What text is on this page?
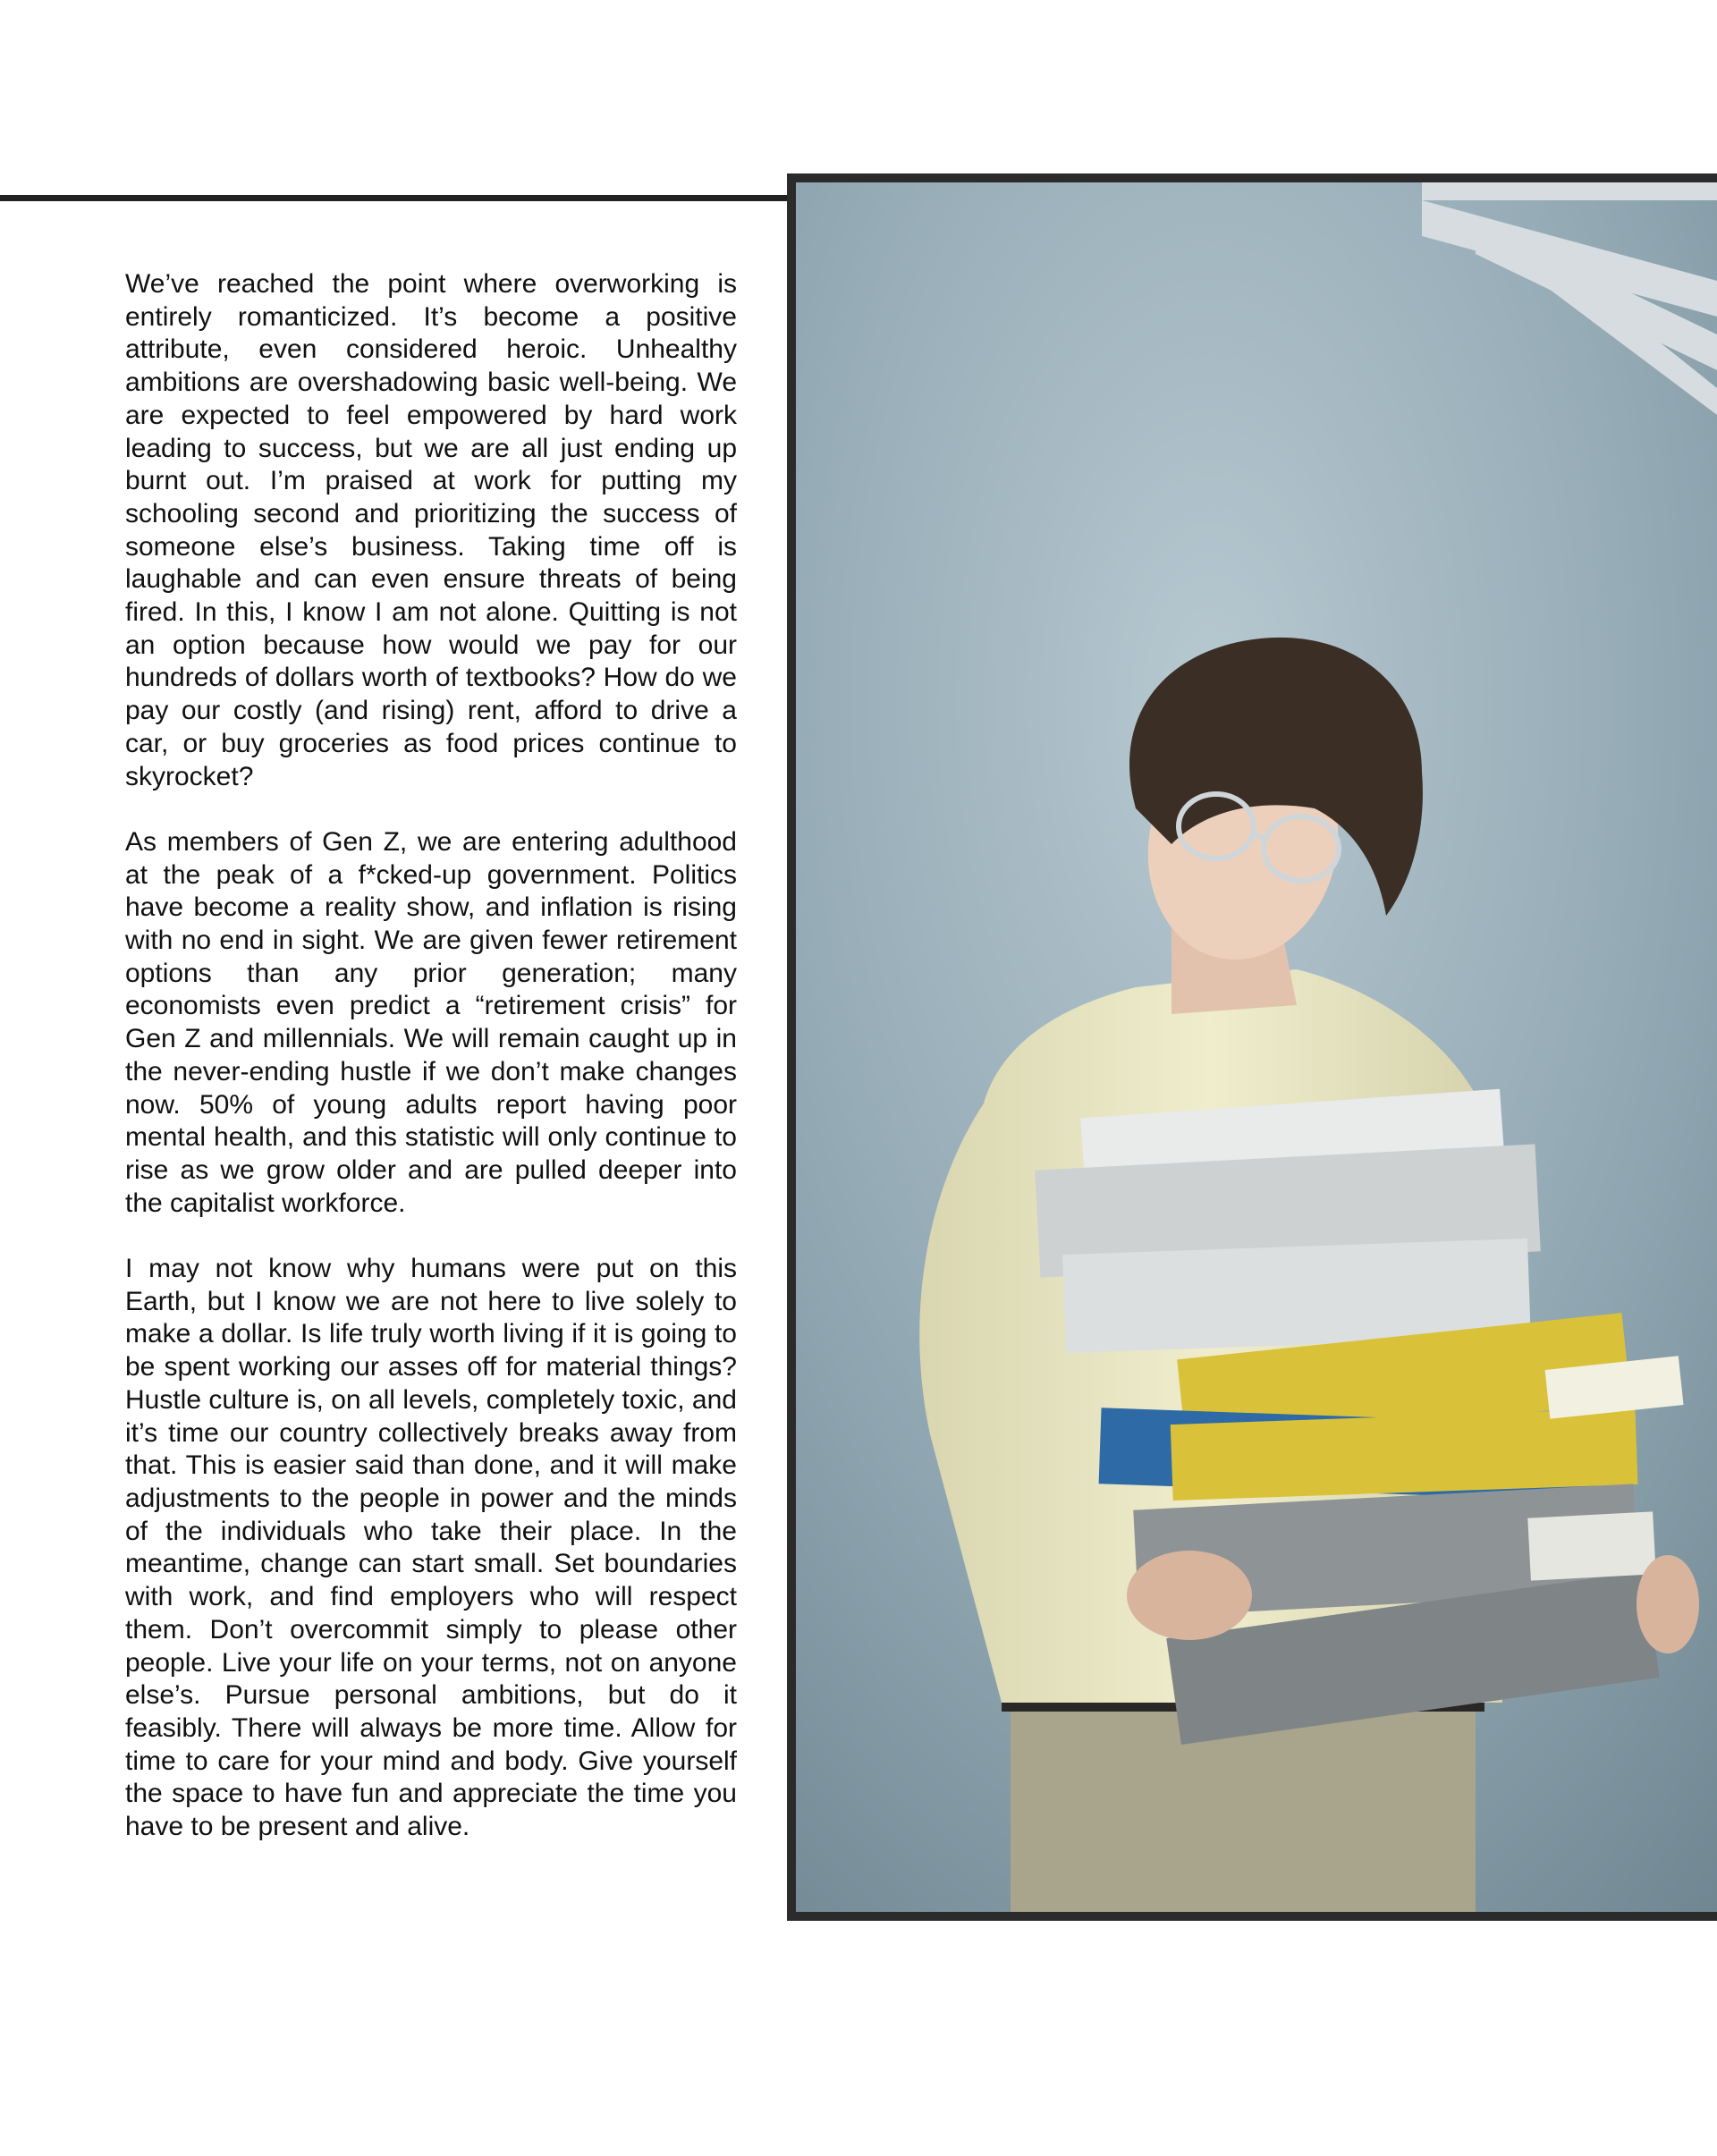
We’ve reached the point where overworking is entirely romanticized. It’s become a positive attribute, even considered heroic. Unhealthy ambitions are overshadowing basic well-being. We are expected to feel empowered by hard work leading to success, but we are all just ending up burnt out. I’m praised at work for putting my schooling second and prioritizing the success of someone else’s business. Taking time off is laughable and can even ensure threats of being fired. In this, I know I am not alone. Quitting is not an option because how would we pay for our hundreds of dollars worth of textbooks? How do we pay our costly (and rising) rent, afford to drive a car, or buy groceries as food prices continue to skyrocket?

As members of Gen Z, we are entering adulthood at the peak of a f*cked-up government. Politics have become a reality show, and inflation is rising with no end in sight. We are given fewer retirement options than any prior generation; many economists even predict a “retirement crisis” for Gen Z and millennials. We will remain caught up in the never-ending hustle if we don’t make changes now. 50% of young adults report having poor mental health, and this statistic will only continue to rise as we grow older and are pulled deeper into the capitalist workforce.

I may not know why humans were put on this Earth, but I know we are not here to live solely to make a dollar. Is life truly worth living if it is going to be spent working our asses off for material things? Hustle culture is, on all levels, completely toxic, and it’s time our country collectively breaks away from that. This is easier said than done, and it will make adjustments to the people in power and the minds of the individuals who take their place. In the meantime, change can start small. Set boundaries with work, and find employers who will respect them. Don’t overcommit simply to please other people. Live your life on your terms, not on anyone else’s. Pursue personal ambitions, but do it feasibly. There will always be more time. Allow for time to care for your mind and body. Give yourself the space to have fun and appreciate the time you have to be present and alive.
